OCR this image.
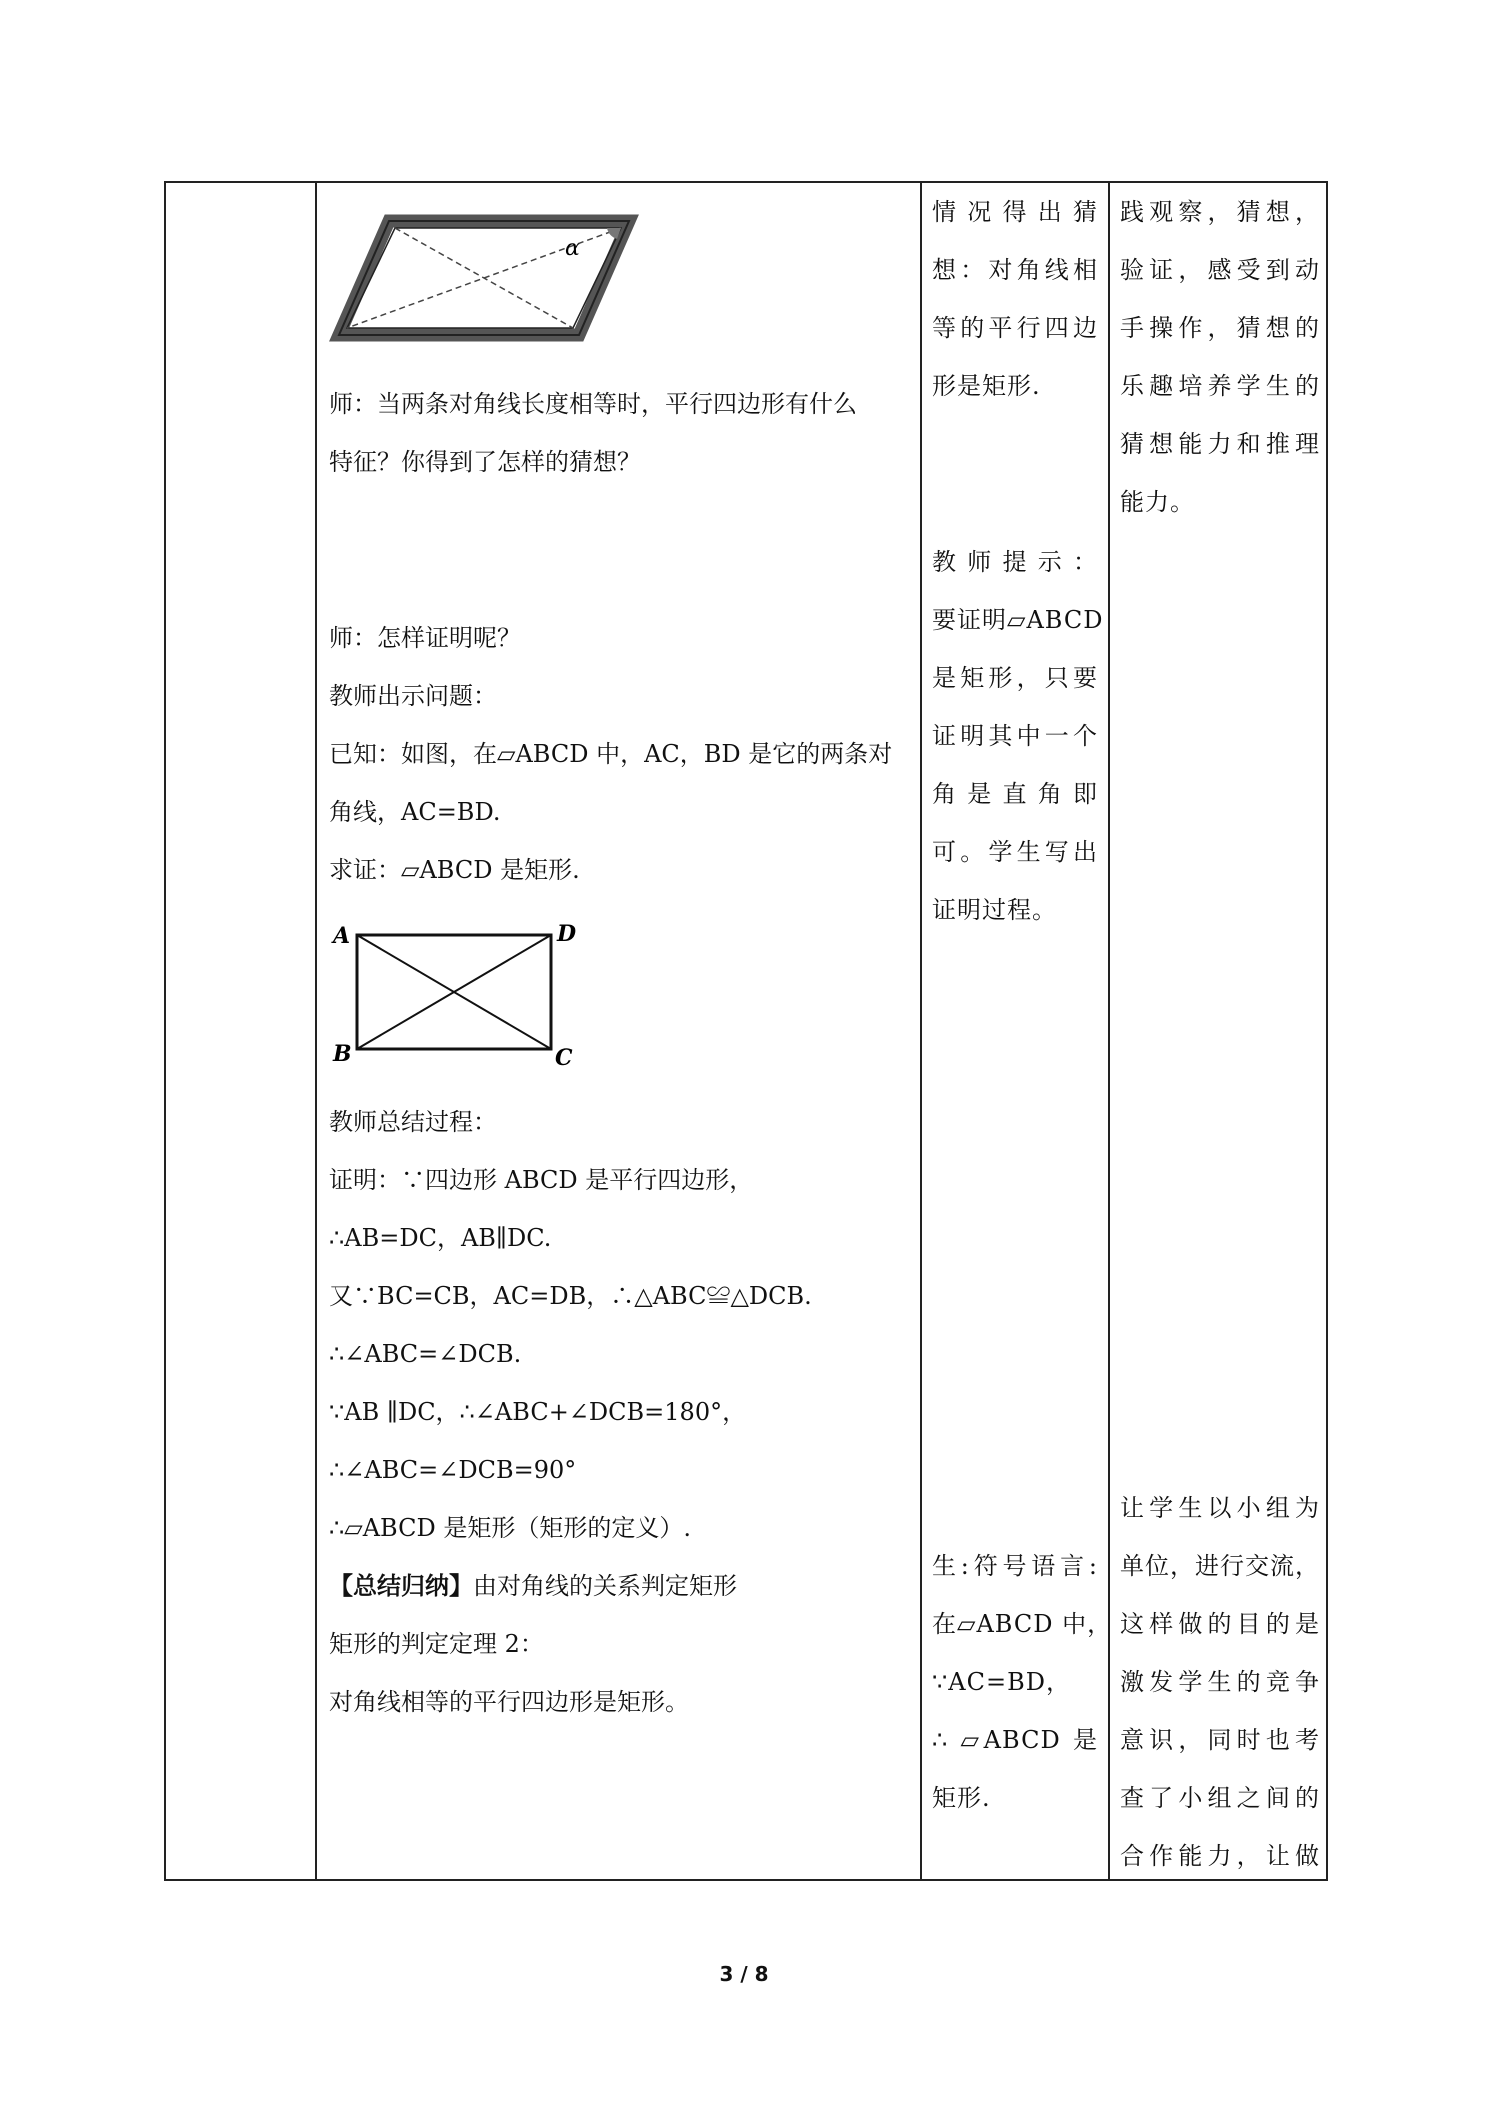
α
师：当两条对角线长度相等时，平行四边形有什么
特征？你得到了怎样的猜想？
师：怎样证明呢？
教师出示问题：
已知：如图，在▱ABCD 中，AC，BD 是它的两条对
角线，AC=BD.
求证：▱ABCD 是矩形.
A	D
B	C
教师总结过程：
证明：∵四边形 ABCD 是平行四边形，
∴AB=DC，AB∥DC.
又∵BC=CB，AC=DB，∴△ABC≌△DCB.
∴∠ABC=∠DCB.
∵AB ∥DC，∴∠ABC+∠DCB=180°，
∴∠ABC=∠DCB=90°
∴▱ABCD 是矩形（矩形的定义）.
【总结归纳】由对角线的关系判定矩形
矩形的判定定理 2：
对角线相等的平行四边形是矩形。
情况得出猜
想：对角线相
等的平行四边
形是矩形.
教师提示：
要证明▱ABCD
是矩形，只要
证明其中一个
角是直角即
可。学生写出
证明过程。
生:符号语言:
在▱ABCD 中，
∵AC=BD，
∴ ▱ABCD 是
矩形.
践观察，猜想，
验证，感受到动
手操作，猜想的
乐趣培养学生的
猜想能力和推理
能力。
让学生以小组为
单位，进行交流，
这样做的目的是
激发学生的竞争
意识，同时也考
查了小组之间的
合作能力，让做
3 / 8
